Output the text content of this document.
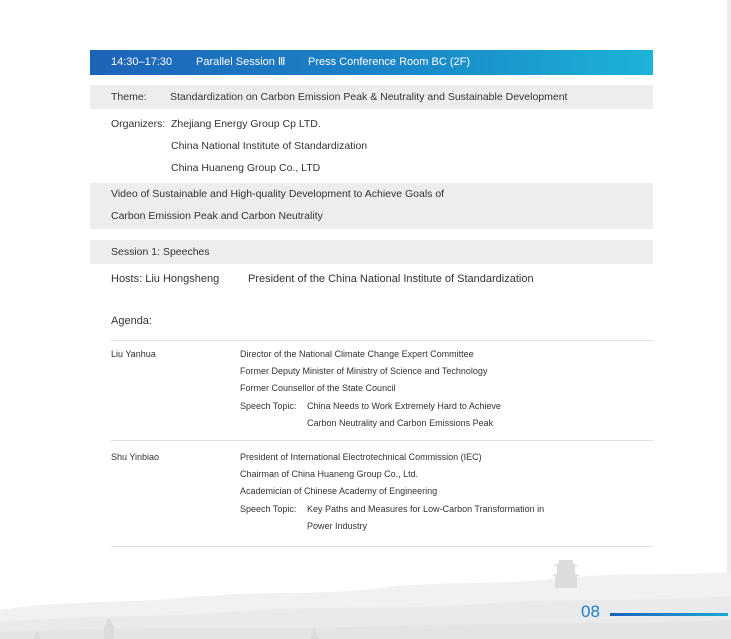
14:30–17:30 Parallel Session Ⅲ Press Conference Room BC (2F)
Theme: Standardization on Carbon Emission Peak & Neutrality and Sustainable Development
Organizers: Zhejiang Energy Group Cp LTD.
China National Institute of Standardization
China Huaneng Group Co., LTD
Video of Sustainable and High-quality Development to Achieve Goals of
Carbon Emission Peak and Carbon Neutrality
Session 1: Speeches
Hosts: Liu Hongsheng	President of the China National Institute of Standardization
Agenda:
Liu Yanhua	Director of the National Climate Change Expert Committee
Former Deputy Minister of Ministry of Science and Technology
Former Counsellor of the State Council
Speech Topic: China Needs to Work Extremely Hard to Achieve
Carbon Neutrality and Carbon Emissions Peak
Shu Yinbiao	President of International Electrotechnical Commission (IEC)
Chairman of China Huaneng Group Co., Ltd.
Academician of Chinese Academy of Engineering
Speech Topic: Key Paths and Measures for Low-Carbon Transformation in
Power Industry
08
